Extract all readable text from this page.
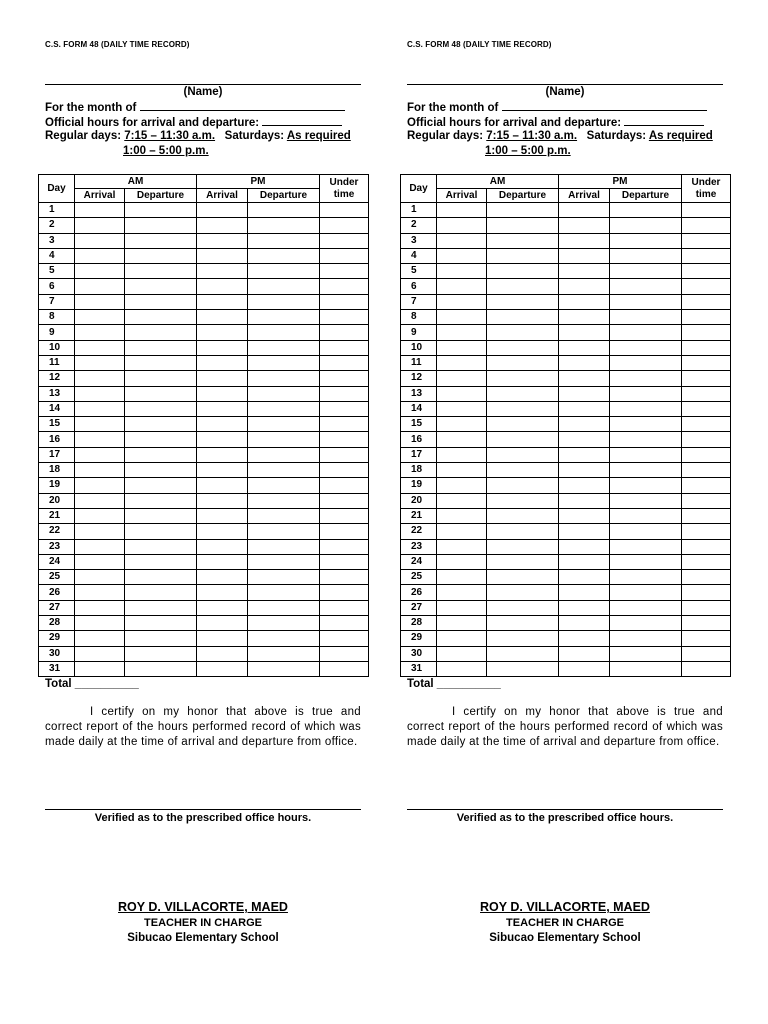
C.S. FORM 48 (DAILY TIME RECORD)
(Name)
For the month of
Official hours for arrival and departure:
Regular days: 7:15 – 11:30 a.m. Saturdays: As required
1:00 – 5:00 p.m.
Day	AM		PM		Under
time
	Arrival	Departure	Arrival	Departure	
1					
2					
3					
4					
5					
6					
7					
8					
9					
10					
11					
12					
13					
14					
15					
16					
17					
18					
19					
20					
21					
22					
23					
24					
25					
26					
27					
28					
29					
30					
31					
Total __________
I certify on my honor that above is true and correct report of the hours performed record of which was made daily at the time of arrival and departure from office.
Verified as to the prescribed office hours.
ROY D. VILLACORTE, MAED
TEACHER IN CHARGE
Sibucao Elementary School
C.S. FORM 48 (DAILY TIME RECORD)
(Name)
For the month of
Official hours for arrival and departure:
Regular days: 7:15 – 11:30 a.m. Saturdays: As required
1:00 – 5:00 p.m.
Day	AM		PM		Under
time
	Arrival	Departure	Arrival	Departure	
1					
2					
3					
4					
5					
6					
7					
8					
9					
10					
11					
12					
13					
14					
15					
16					
17					
18					
19					
20					
21					
22					
23					
24					
25					
26					
27					
28					
29					
30					
31					
Total __________
I certify on my honor that above is true and correct report of the hours performed record of which was made daily at the time of arrival and departure from office.
Verified as to the prescribed office hours.
ROY D. VILLACORTE, MAED
TEACHER IN CHARGE
Sibucao Elementary School
